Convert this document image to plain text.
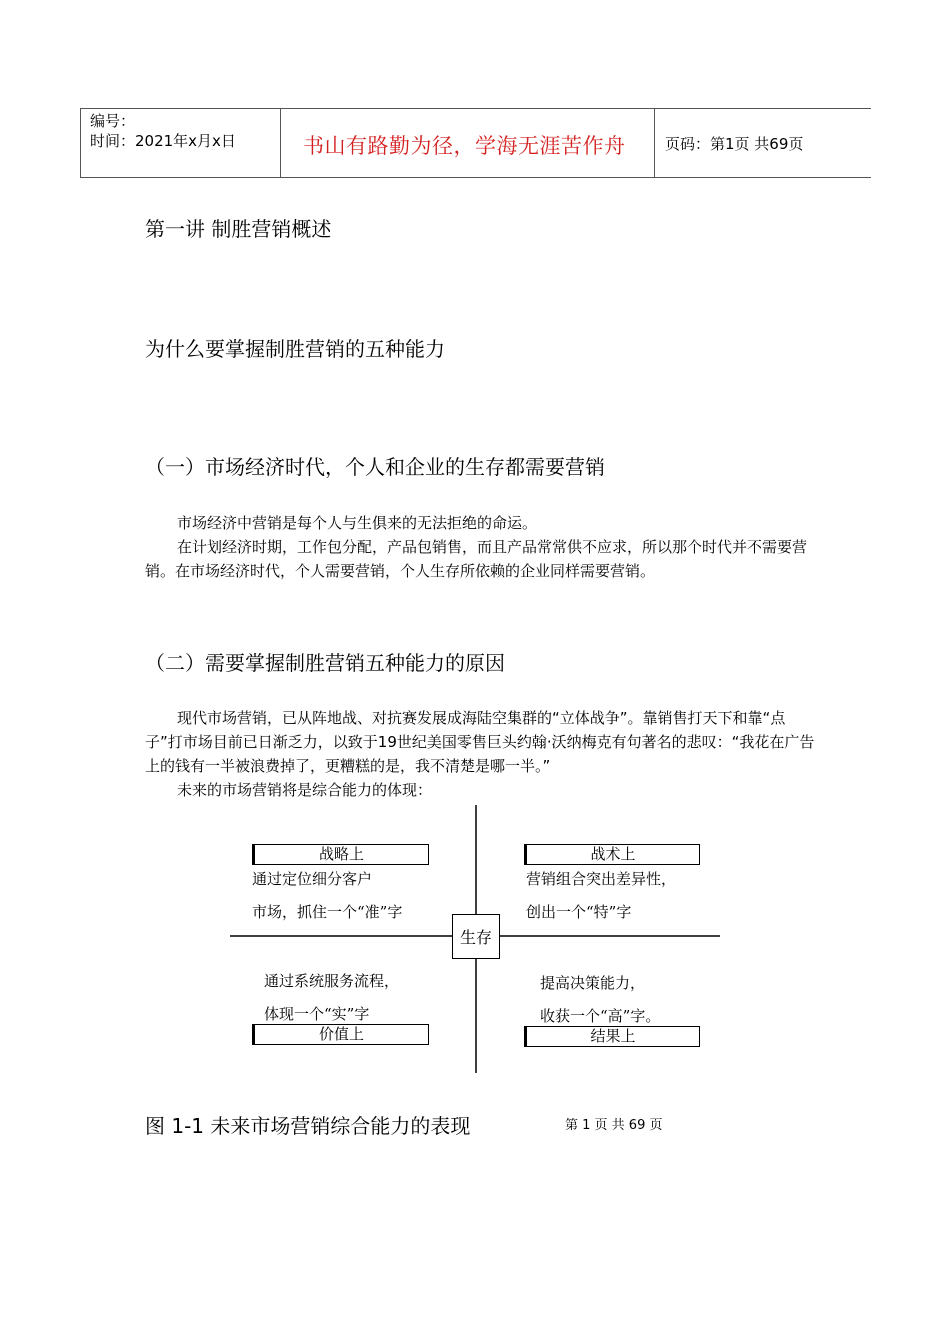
编号：
时间：2021年x月x日	书山有路勤为径，学海无涯苦作舟	页码：第1页 共69页
第一讲 制胜营销概述
为什么要掌握制胜营销的五种能力
（一）市场经济时代，个人和企业的生存都需要营销

市场经济中营销是每个人与生俱来的无法拒绝的命运。

在计划经济时期，工作包分配，产品包销售，而且产品常常供不应求，所以那个时代并不需要营销。在市场经济时代，个人需要营销，个人生存所依赖的企业同样需要营销。

（二）需要掌握制胜营销五种能力的原因

现代市场营销，已从阵地战、对抗赛发展成海陆空集群的“立体战争”。靠销售打天下和靠“点子”打市场目前已日渐乏力，以致于19世纪美国零售巨头约翰·沃纳梅克有句著名的悲叹：“我花在广告上的钱有一半被浪费掉了，更糟糕的是，我不清楚是哪一半。”

未来的市场营销将是综合能力的体现：

生存
战略上
通过定位细分客户
市场，抓住一个“准”字
战术上
营销组合突出差异性，
创出一个“特”字
通过系统服务流程，
体现一个“实”字
价值上
提高决策能力，
收获一个“高”字。
结果上
图 1-1 未来市场营销综合能力的表现	第 1 页 共 69 页
